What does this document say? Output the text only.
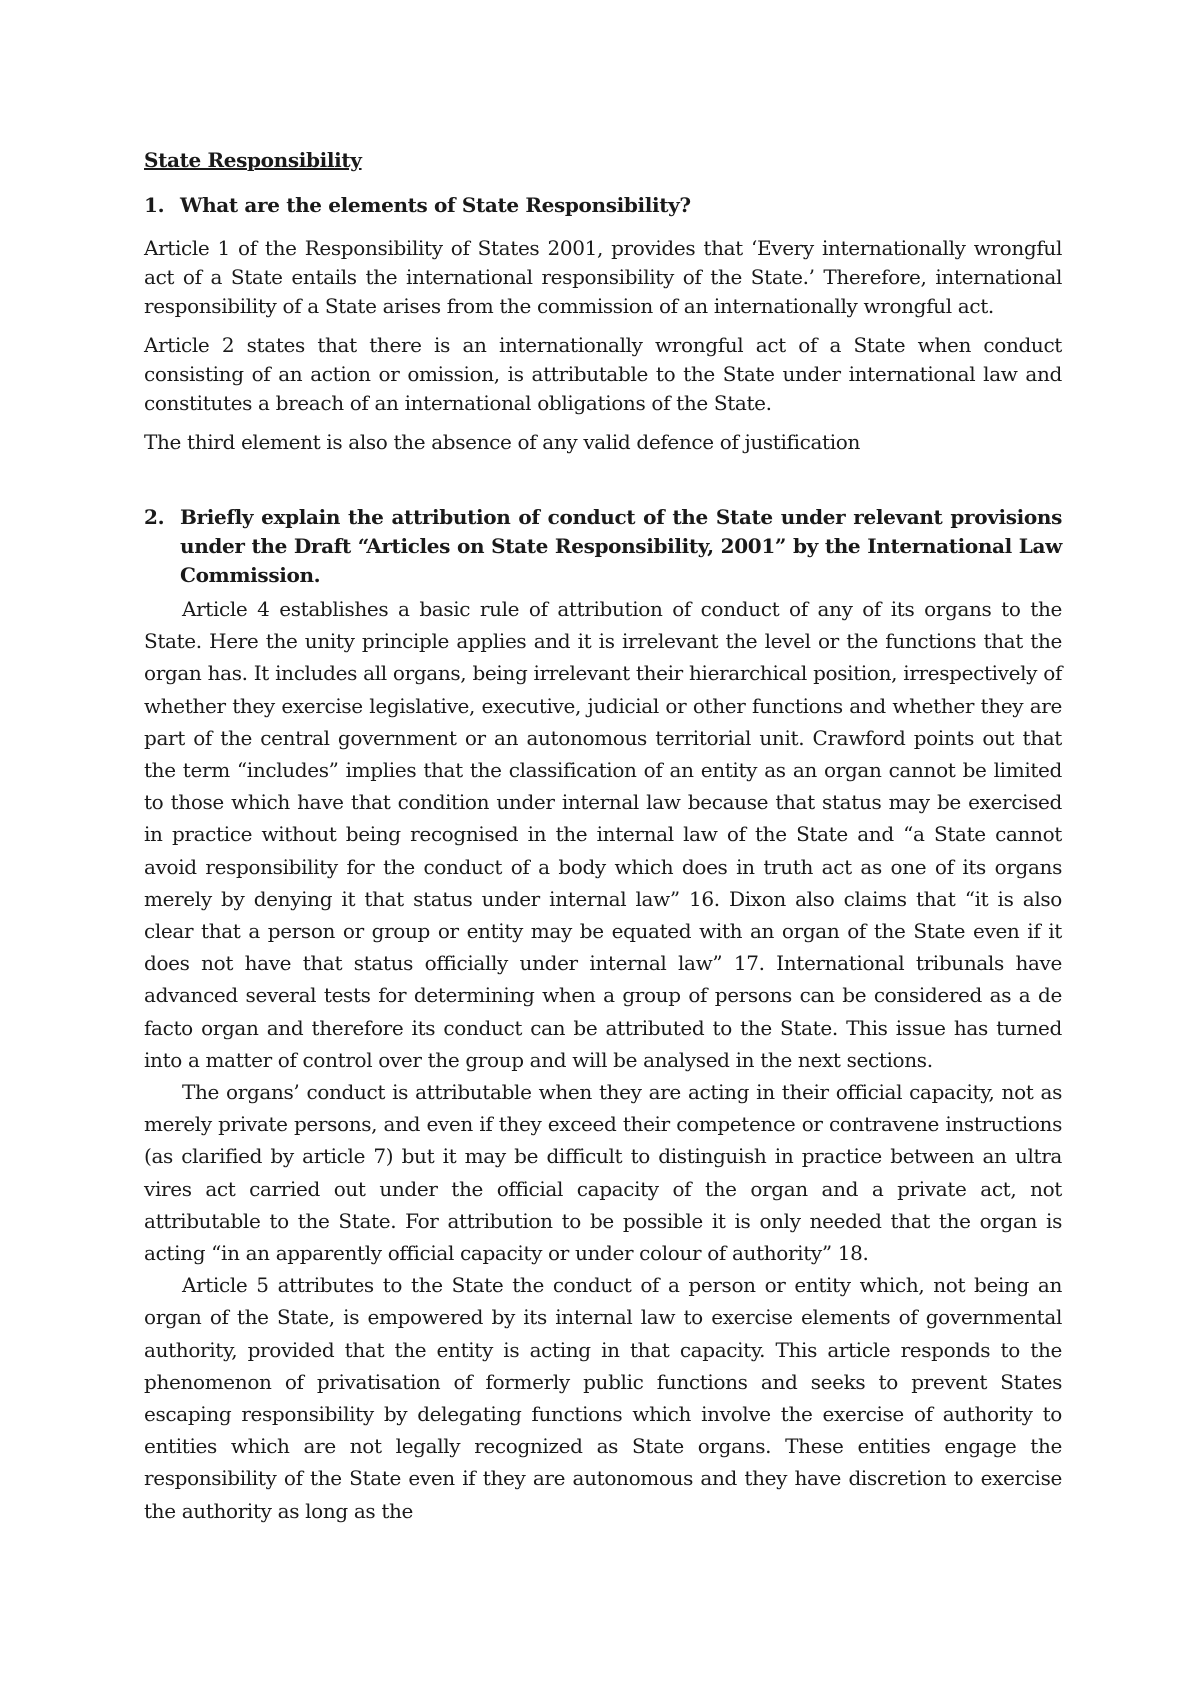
State Responsibility
1. What are the elements of State Responsibility?

Article 1 of the Responsibility of States 2001, provides that ‘Every internationally wrongful act of a State entails the international responsibility of the State.’ Therefore, international responsibility of a State arises from the commission of an internationally wrongful act.

Article 2 states that there is an internationally wrongful act of a State when conduct consisting of an action or omission, is attributable to the State under international law and constitutes a breach of an international obligations of the State.

The third element is also the absence of any valid defence of justification

2. Briefly explain the attribution of conduct of the State under relevant provisions under the Draft “Articles on State Responsibility, 2001” by the International Law Commission.

Article 4 establishes a basic rule of attribution of conduct of any of its organs to the State. Here the unity principle applies and it is irrelevant the level or the functions that the organ has. It includes all organs, being irrelevant their hierarchical position, irrespectively of whether they exercise legislative, executive, judicial or other functions and whether they are part of the central government or an autonomous territorial unit. Crawford points out that the term “includes” implies that the classification of an entity as an organ cannot be limited to those which have that condition under internal law because that status may be exercised in practice without being recognised in the internal law of the State and “a State cannot avoid responsibility for the conduct of a body which does in truth act as one of its organs merely by denying it that status under internal law” 16. Dixon also claims that “it is also clear that a person or group or entity may be equated with an organ of the State even if it does not have that status officially under internal law” 17. International tribunals have advanced several tests for determining when a group of persons can be considered as a de facto organ and therefore its conduct can be attributed to the State. This issue has turned into a matter of control over the group and will be analysed in the next sections.

The organs’ conduct is attributable when they are acting in their official capacity, not as merely private persons, and even if they exceed their competence or contravene instructions (as clarified by article 7) but it may be difficult to distinguish in practice between an ultra vires act carried out under the official capacity of the organ and a private act, not attributable to the State. For attribution to be possible it is only needed that the organ is acting “in an apparently official capacity or under colour of authority” 18.

Article 5 attributes to the State the conduct of a person or entity which, not being an organ of the State, is empowered by its internal law to exercise elements of governmental authority, provided that the entity is acting in that capacity. This article responds to the phenomenon of privatisation of formerly public functions and seeks to prevent States escaping responsibility by delegating functions which involve the exercise of authority to entities which are not legally recognized as State organs. These entities engage the responsibility of the State even if they are autonomous and they have discretion to exercise the authority as long as the
